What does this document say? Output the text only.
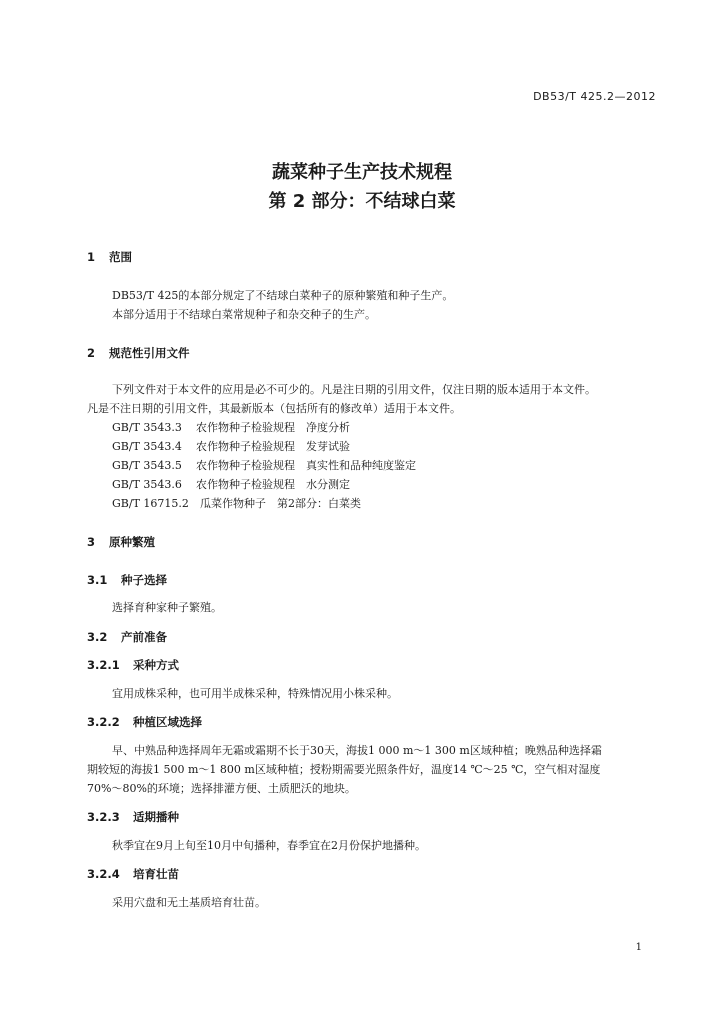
DB53/T 425.2—2012
蔬菜种子生产技术规程
第 2 部分：不结球白菜
1 范围
DB53/T 425的本部分规定了不结球白菜种子的原种繁殖和种子生产。
本部分适用于不结球白菜常规种子和杂交种子的生产。
2 规范性引用文件
下列文件对于本文件的应用是必不可少的。凡是注日期的引用文件，仅注日期的版本适用于本文件。
凡是不注日期的引用文件，其最新版本（包括所有的修改单）适用于本文件。
GB/T 3543.3 农作物种子检验规程　净度分析
GB/T 3543.4 农作物种子检验规程　发芽试验
GB/T 3543.5 农作物种子检验规程　真实性和品种纯度鉴定
GB/T 3543.6 农作物种子检验规程　水分测定
GB/T 16715.2 瓜菜作物种子　第2部分：白菜类
3 原种繁殖
3.1 种子选择
选择育种家种子繁殖。
3.2 产前准备
3.2.1 采种方式
宜用成株采种，也可用半成株采种，特殊情况用小株采种。
3.2.2 种植区域选择
早、中熟品种选择周年无霜或霜期不长于30天，海拔1 000 m～1 300 m区域种植；晚熟品种选择霜
期较短的海拔1 500 m～1 800 m区域种植；授粉期需要光照条件好，温度14 ℃～25 ℃，空气相对湿度
70%～80%的环境；选择排灌方便、土质肥沃的地块。
3.2.3 适期播种
秋季宜在9月上旬至10月中旬播种，春季宜在2月份保护地播种。
3.2.4 培育壮苗
采用穴盘和无土基质培育壮苗。
1
